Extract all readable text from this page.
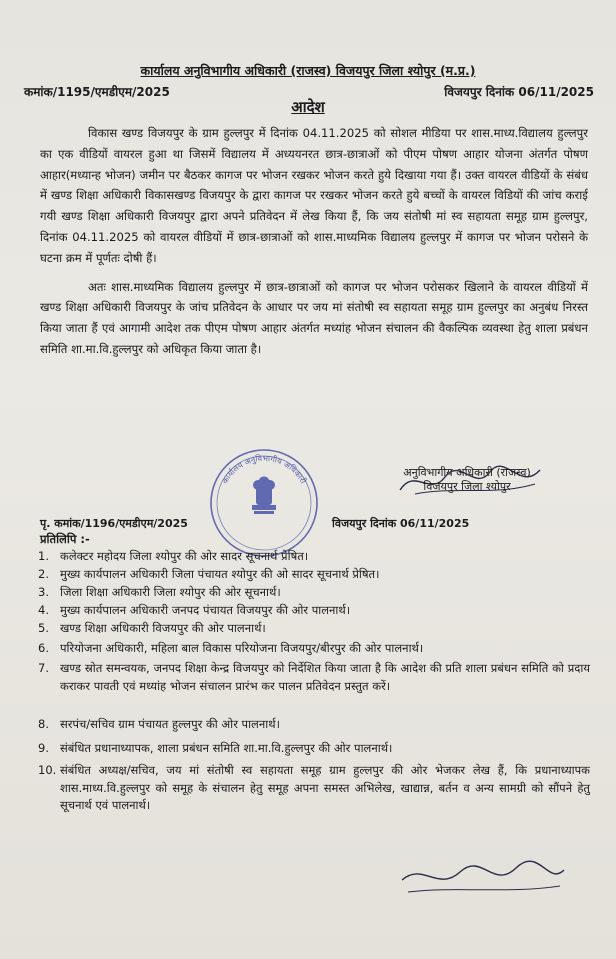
कार्यालय अनुविभागीय अधिकारी (राजस्व) विजयपुर जिला श्योपुर (म.प्र.)
कमांक/1195/एमडीएम/2025	विजयपुर दिनांक 06/11/2025
आदेश

विकास खण्ड विजयपुर के ग्राम हुल्लपुर में दिनांक 04.11.2025 को सोशल मीडिया पर शास.माध्य.विद्यालय हुल्लपुर का एक वीडियों वायरल हुआ था जिसमें विद्यालय में अध्ययनरत छात्र-छात्राओं को पीएम पोषण आहार योजना अंतर्गत पोषण आहार(मध्यान्ह भोजन) जमीन पर बैठकर कागज पर भोजन रखकर भोजन करते हुये दिखाया गया हैं। उक्त वायरल वीडियों के संबंध में खण्ड शिक्षा अधिकारी विकासखण्ड विजयपुर के द्वारा कागज पर रखकर भोजन करते हुये बच्चों के वायरल विडियों की जांच कराई गयी खण्ड शिक्षा अधिकारी विजयपुर द्वारा अपने प्रतिवेदन में लेख किया हैं, कि जय संतोषी मां स्व सहायता समूह ग्राम हुल्लपुर, दिनांक 04.11.2025 को वायरल वीडियों में छात्र-छात्राओं को शास.माध्यमिक विद्यालय हुल्लपुर में कागज पर भोजन परोसने के घटना क्रम में पूर्णतः दोषी हैं।

अतः शास.माध्यमिक विद्यालय हुल्लपुर में छात्र-छात्राओं को कागज पर भोजन परोसकर खिलाने के वायरल वीडियों में खण्ड शिक्षा अधिकारी विजयपुर के जांच प्रतिवेदन के आधार पर जय मां संतोषी स्व सहायता समूह ग्राम हुल्लपुर का अनुबंध निरस्त किया जाता हैं एवं आगामी आदेश तक पीएम पोषण आहार अंतर्गत मध्यांह भोजन संचालन की वैकल्पिक व्यवस्था हेतु शाला प्रबंधन समिति शा.मा.वि.हुल्लपुर को अधिकृत किया जाता है।

कार्यालय अनुविभागीय अधिकारी
अनुविभागीय अधिकारी (राजस्व)
विजयपुर जिला श्योपुर
पृ. कमांक/1196/एमडीएम/2025	विजयपुर दिनांक 06/11/2025
प्रतिलिपि :-
1. कलेक्टर महोदय जिला श्योपुर की ओर सादर सूचनार्थ प्रेषित।
2. मुख्य कार्यपालन अधिकारी जिला पंचायत श्योपुर की ओ सादर सूचनार्थ प्रेषित।
3. जिला शिक्षा अधिकारी जिला श्योपुर की ओर सूचनार्थ।
4. मुख्य कार्यपालन अधिकारी जनपद पंचायत विजयपुर की ओर पालनार्थ।
5. खण्ड शिक्षा अधिकारी विजयपुर की ओर पालनार्थ।
6. परियोजना अधिकारी, महिला बाल विकास परियोजना विजयपुर/बीरपुर की ओर पालनार्थ।
7. खण्ड स्रोत समन्वयक, जनपद शिक्षा केन्द्र विजयपुर को निर्देशित किया जाता है कि आदेश की प्रति शाला प्रबंधन समिति को प्रदाय कराकर पावती एवं मध्यांह भोजन संचालन प्रारंभ कर पालन प्रतिवेदन प्रस्तुत करें।
8. सरपंच/सचिव ग्राम पंचायत हुल्लपुर की ओर पालनार्थ।
9. संबंधित प्रधानाध्यापक, शाला प्रबंधन समिति शा.मा.वि.हुल्लपुर की ओर पालनार्थ।
10. संबंधित अध्यक्ष/सचिव, जय मां संतोषी स्व सहायता समूह ग्राम हुल्लपुर की ओर भेजकर लेख हैं, कि प्रधानाध्यापक शास.माध्य.वि.हुल्लपुर को समूह के संचालन हेतु समूह अपना समस्त अभिलेख, खाद्यान्न, बर्तन व अन्य सामग्री को सौंपने हेतु सूचनार्थ एवं पालनार्थ।
